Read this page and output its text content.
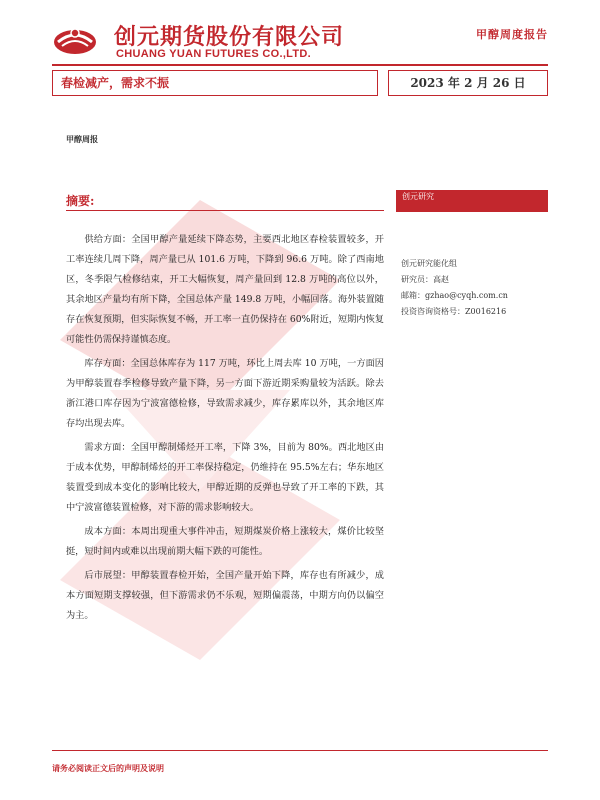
创元期货股份有限公司
CHUANG YUAN FUTURES CO.,LTD.
甲醇周度报告
春检减产，需求不振	2023 年 2 月 26 日
甲醇周报
摘要:

供给方面：全国甲醇产量延续下降态势，主要西北地区春检装置较多，开工率连续几周下降，周产量已从 101.6 万吨，下降到 96.6 万吨。除了西南地区，冬季限气检修结束，开工大幅恢复，周产量回到 12.8 万吨的高位以外，其余地区产量均有所下降，全国总体产量 149.8 万吨，小幅回落。海外装置随存在恢复预期，但实际恢复不畅，开工率一直仍保持在 60%附近，短期内恢复可能性仍需保持谨慎态度。

库存方面：全国总体库存为 117 万吨，环比上周去库 10 万吨，一方面因为甲醇装置春季检修导致产量下降，另一方面下游近期采购量较为活跃。除去浙江港口库存因为宁波富德检修，导致需求减少，库存累库以外，其余地区库存均出现去库。

需求方面：全国甲醇制烯烃开工率，下降 3%，目前为 80%。西北地区由于成本优势，甲醇制烯烃的开工率保持稳定，仍维持在 95.5%左右；华东地区装置受到成本变化的影响比较大，甲醇近期的反弹也导致了开工率的下跌，其中宁波富德装置检修，对下游的需求影响较大。

成本方面：本周出现重大事件冲击，短期煤炭价格上涨较大，煤价比较坚挺，短时间内或难以出现前期大幅下跌的可能性。

后市展望：甲醇装置春检开始，全国产量开始下降，库存也有所减少，成本方面短期支撑较强，但下游需求仍不乐观，短期偏震荡，中期方向仍以偏空为主。

创元研究
创元研究能化组
研究员：高赵
邮箱：gzhao@cyqh.com.cn
投资咨询资格号：Z0016216
请务必阅读正文后的声明及说明
